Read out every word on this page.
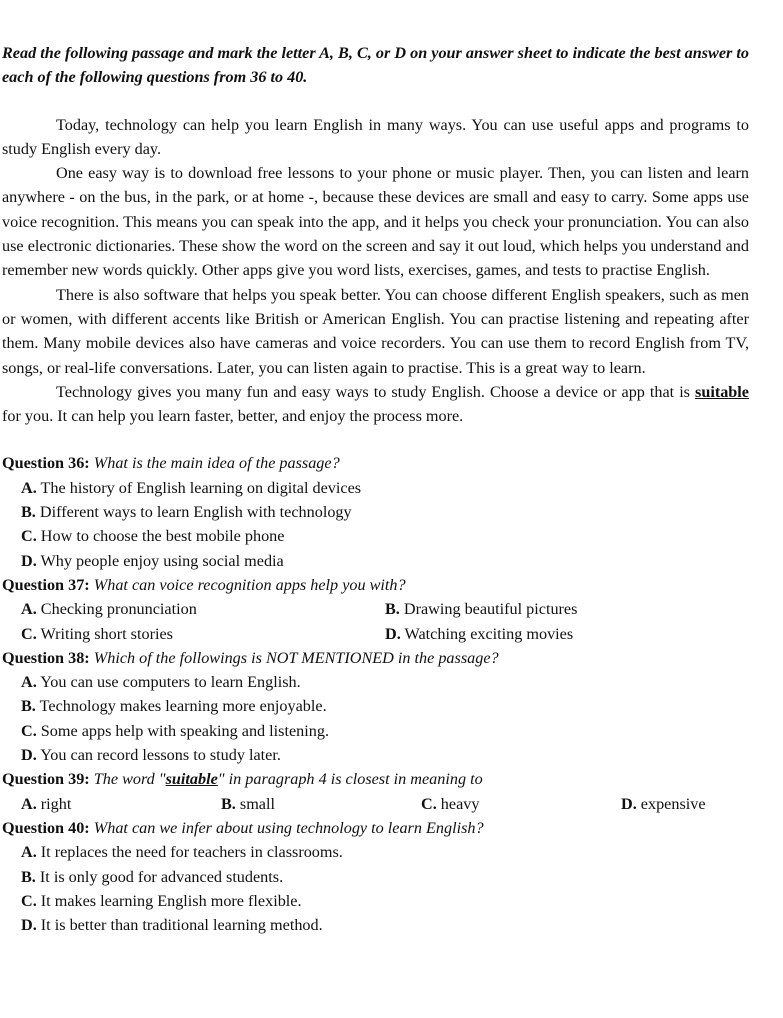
Read the following passage and mark the letter A, B, C, or D on your answer sheet to indicate the best answer to each of the following questions from 36 to 40.

Today, technology can help you learn English in many ways. You can use useful apps and programs to study English every day.

One easy way is to download free lessons to your phone or music player. Then, you can listen and learn anywhere - on the bus, in the park, or at home -, because these devices are small and easy to carry. Some apps use voice recognition. This means you can speak into the app, and it helps you check your pronunciation. You can also use electronic dictionaries. These show the word on the screen and say it out loud, which helps you understand and remember new words quickly. Other apps give you word lists, exercises, games, and tests to practise English.

There is also software that helps you speak better. You can choose different English speakers, such as men or women, with different accents like British or American English. You can practise listening and repeating after them. Many mobile devices also have cameras and voice recorders. You can use them to record English from TV, songs, or real-life conversations. Later, you can listen again to practise. This is a great way to learn.

Technology gives you many fun and easy ways to study English. Choose a device or app that is suitable for you. It can help you learn faster, better, and enjoy the process more.

Question 36: What is the main idea of the passage?

A. The history of English learning on digital devices

B. Different ways to learn English with technology

C. How to choose the best mobile phone

D. Why people enjoy using social media

Question 37: What can voice recognition apps help you with?

A. Checking pronunciation	B. Drawing beautiful pictures
C. Writing short stories	D. Watching exciting movies

Question 38: Which of the followings is NOT MENTIONED in the passage?

A. You can use computers to learn English.

B. Technology makes learning more enjoyable.

C. Some apps help with speaking and listening.

D. You can record lessons to study later.

Question 39: The word "suitable" in paragraph 4 is closest in meaning to

A. right	B. small	C. heavy	D. expensive

Question 40: What can we infer about using technology to learn English?

A. It replaces the need for teachers in classrooms.

B. It is only good for advanced students.

C. It makes learning English more flexible.

D. It is better than traditional learning method.
